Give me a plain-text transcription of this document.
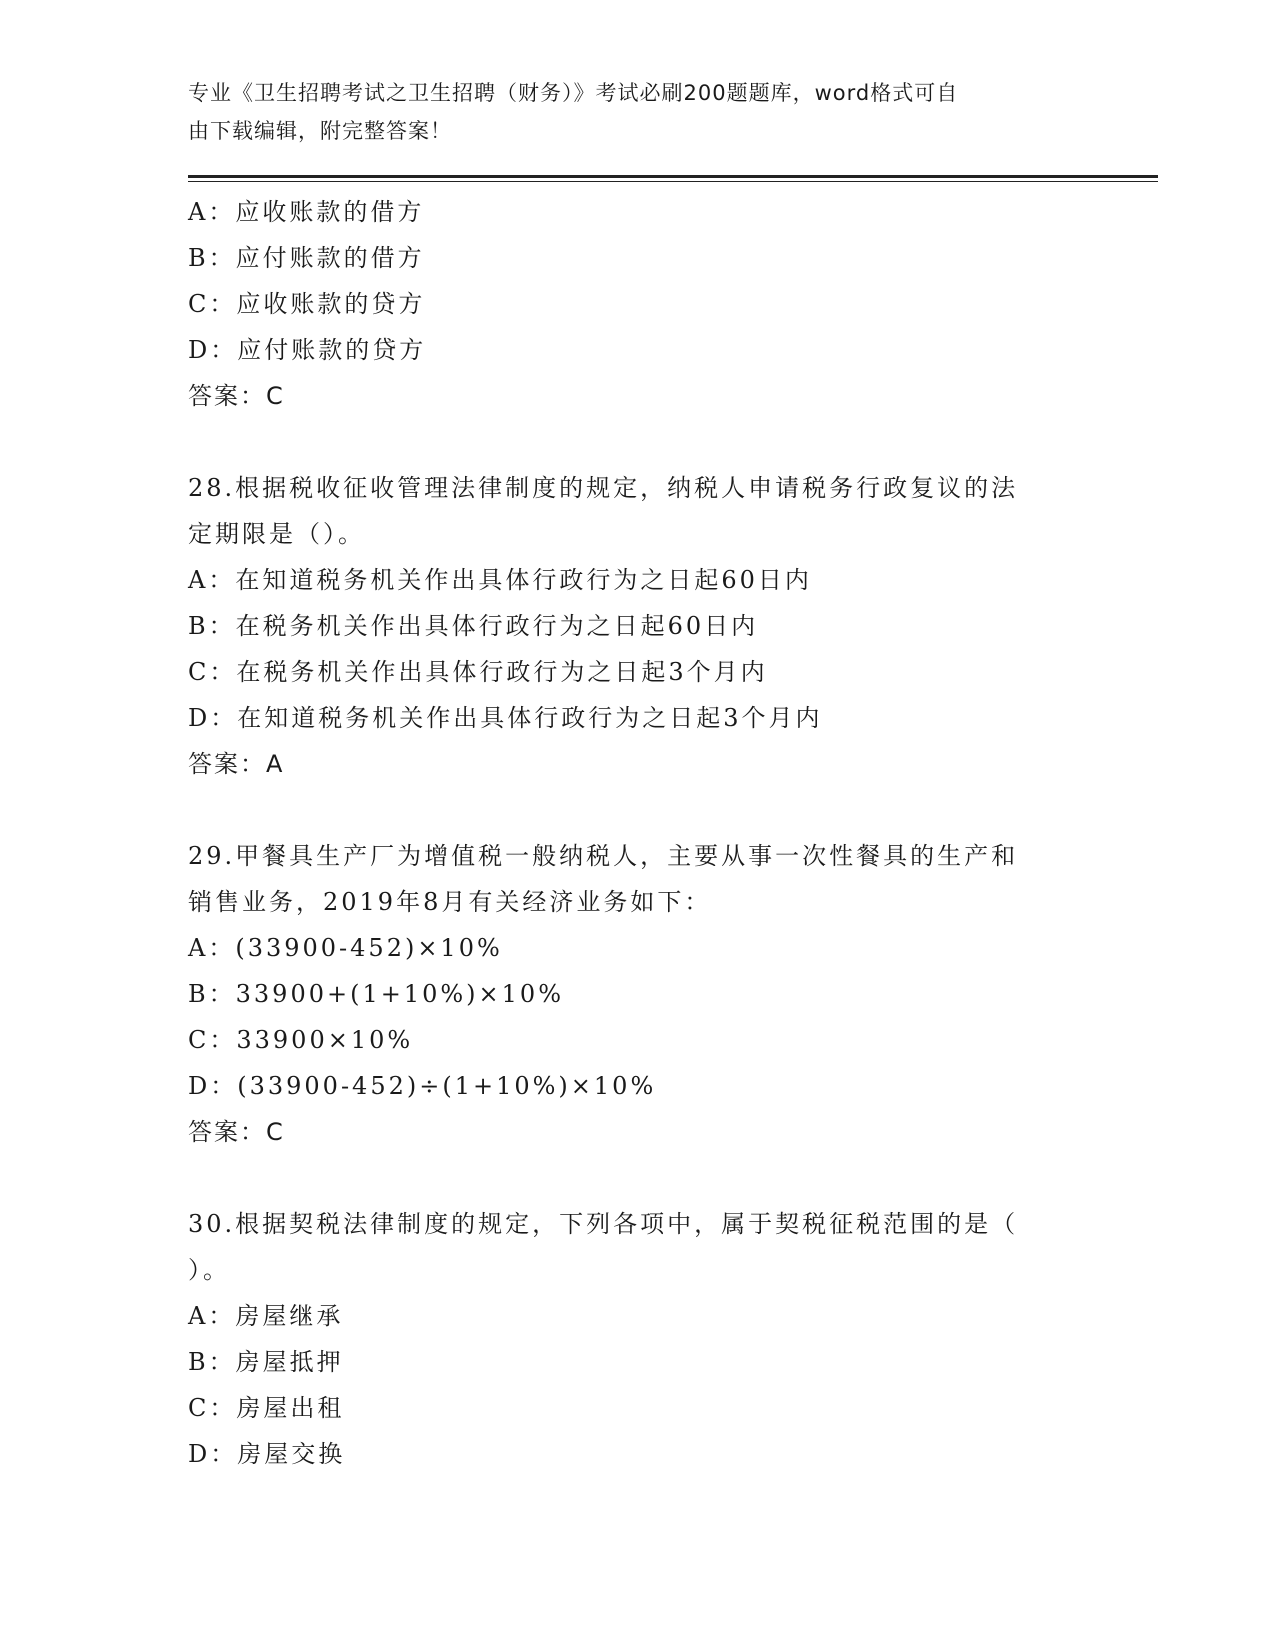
专业《卫生招聘考试之卫生招聘（财务）》考试必刷200题题库，word格式可自
由下载编辑，附完整答案！
A：应收账款的借方
B：应付账款的借方
C：应收账款的贷方
D：应付账款的贷方
答案：C
28.根据税收征收管理法律制度的规定，纳税人申请税务行政复议的法
定期限是（）。
A：在知道税务机关作出具体行政行为之日起60日内
B：在税务机关作出具体行政行为之日起60日内
C：在税务机关作出具体行政行为之日起3个月内
D：在知道税务机关作出具体行政行为之日起3个月内
答案：A
29.甲餐具生产厂为增值税一般纳税人，主要从事一次性餐具的生产和
销售业务，2019年8月有关经济业务如下：
A：(33900-452)×10%
B：33900+(1+10%)×10%
C：33900×10%
D：(33900-452)÷(1+10%)×10%
答案：C
30.根据契税法律制度的规定，下列各项中，属于契税征税范围的是（
）。
A：房屋继承
B：房屋抵押
C：房屋出租
D：房屋交换
